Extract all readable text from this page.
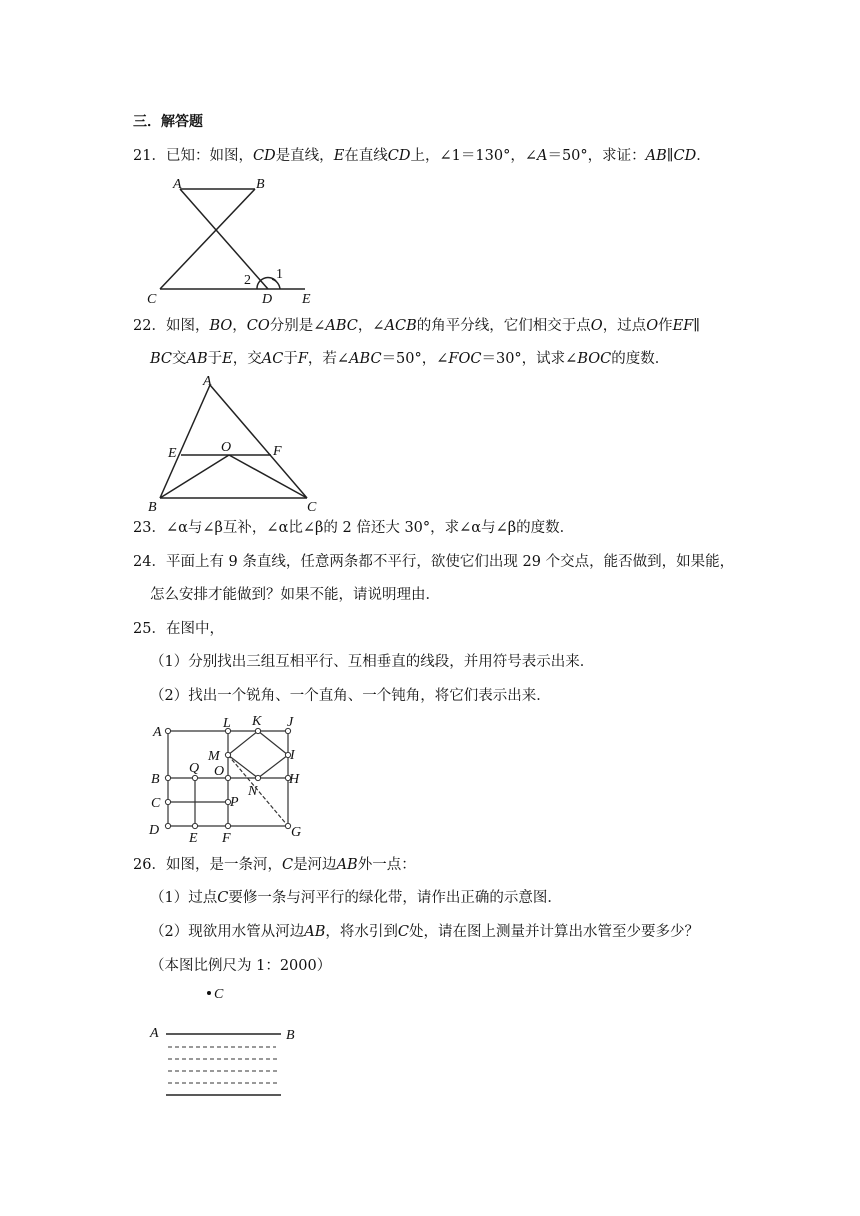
三．解答题
21．已知：如图，CD是直线，E在直线CD上，∠1＝130°，∠A＝50°，求证：AB∥CD．
A	B
C	D E
1
2
22．如图，BO，CO分别是∠ABC，∠ACB的角平分线，它们相交于点O，过点O作EF∥
BC交AB于E，交AC于F，若∠ABC＝50°，∠FOC＝30°，试求∠BOC的度数．
A
B	C
E	F
O
23．∠α与∠β互补，∠α比∠β的 2 倍还大 30°，求∠α与∠β的度数．
24．平面上有 9 条直线，任意两条都不平行，欲使它们出现 29 个交点，能否做到，如果能，
怎么安排才能做到？如果不能，请说明理由．
25．在图中，
（1）分别找出三组互相平行、互相垂直的线段，并用符号表示出来．
（2）找出一个锐角、一个直角、一个钝角，将它们表示出来．
A
B
C
D
E F	G
H
I
J
K
L
M
N
O
P
Q
26．如图，是一条河，C是河边AB外一点：
（1）过点C要修一条与河平行的绿化带，请作出正确的示意图．
（2）现欲用水管从河边AB，将水引到C处，请在图上测量并计算出水管至少要多少？
（本图比例尺为 1：2000）
C
A	B
